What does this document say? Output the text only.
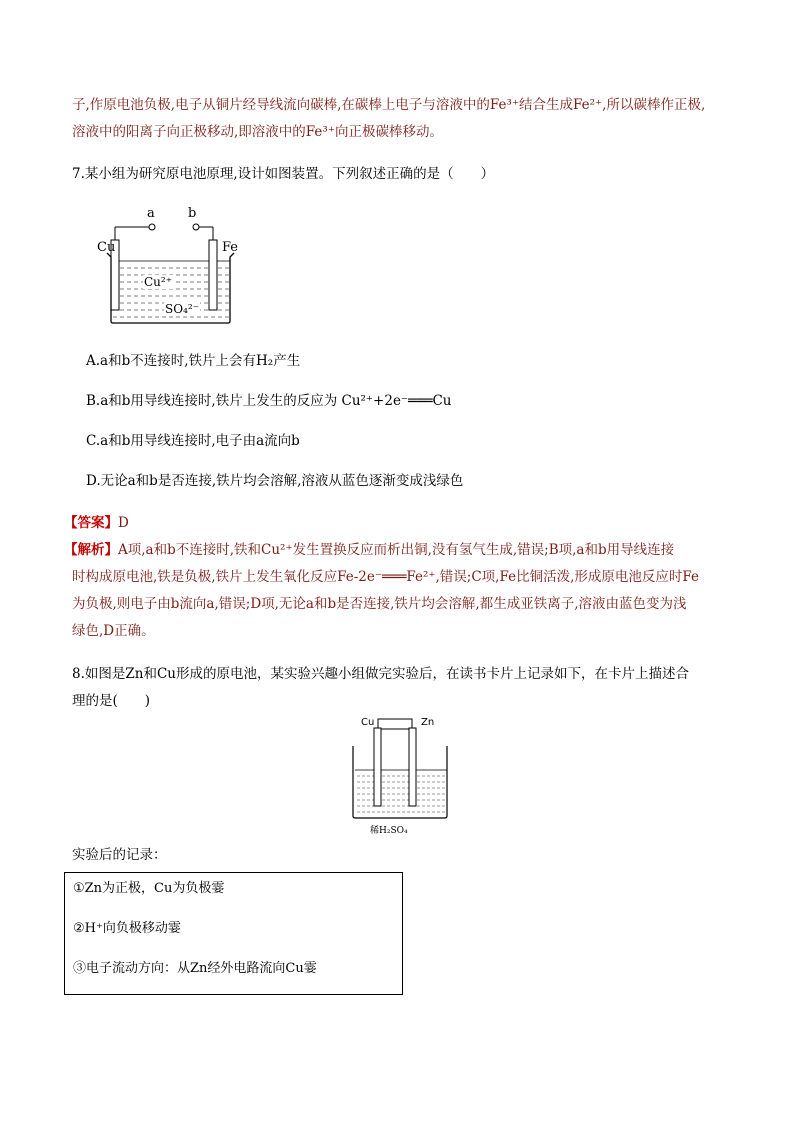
子,作原电池负极,电子从铜片经导线流向碳棒,在碳棒上电子与溶液中的Fe³⁺结合生成Fe²⁺,所以碳棒作正极,
溶液中的阳离子向正极移动,即溶液中的Fe³⁺向正极碳棒移动。
7.某小组为研究原电池原理,设计如图装置。下列叙述正确的是（　　）
a	b
Cu	Fe
Cu²⁺
SO₄²⁻
A.a和b不连接时,铁片上会有H₂产生
B.a和b用导线连接时,铁片上发生的反应为 Cu²⁺+2e⁻═══Cu
C.a和b用导线连接时,电子由a流向b
D.无论a和b是否连接,铁片均会溶解,溶液从蓝色逐渐变成浅绿色
【答案】D
【解析】A项,a和b不连接时,铁和Cu²⁺发生置换反应而析出铜,没有氢气生成,错误;B项,a和b用导线连接
时构成原电池,铁是负极,铁片上发生氧化反应Fe-2e⁻═══Fe²⁺,错误;C项,Fe比铜活泼,形成原电池反应时Fe
为负极,则电子由b流向a,错误;D项,无论a和b是否连接,铁片均会溶解,都生成亚铁离子,溶液由蓝色变为浅
绿色,D正确。
8.如图是Zn和Cu形成的原电池，某实验兴趣小组做完实验后，在读书卡片上记录如下，在卡片上描述合
理的是(　　)
Cu	Zn
稀H₂SO₄
实验后的记录：
①Zn为正极，Cu为负极霎
②H⁺向负极移动霎
③电子流动方向：从Zn经外电路流向Cu霎
